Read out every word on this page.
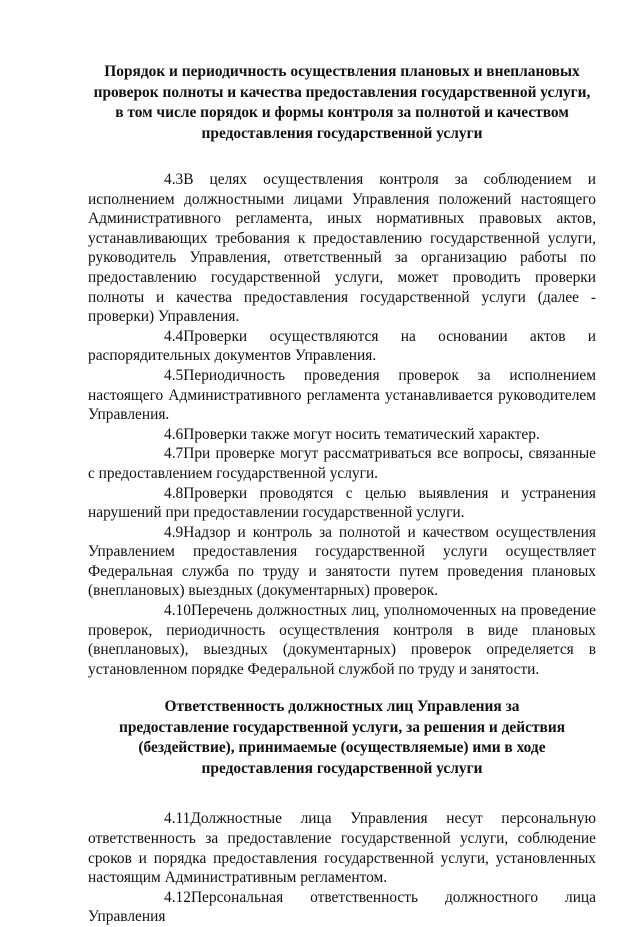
Порядок и периодичность осуществления плановых и внеплановых проверок полноты и качества предоставления государственной услуги, в том числе порядок и формы контроля за полнотой и качеством предоставления государственной услуги

4.3В целях осуществления контроля за соблюдением и исполнением должностными лицами Управления положений настоящего Административного регламента, иных нормативных правовых актов, устанавливающих требования к предоставлению государственной услуги, руководитель Управления, ответственный за организацию работы по предоставлению государственной услуги, может проводить проверки полноты и качества предоставления государственной услуги (далее - проверки) Управления.

4.4Проверки осуществляются на основании актов и распорядительных документов Управления.

4.5Периодичность проведения проверок за исполнением настоящего Административного регламента устанавливается руководителем Управления.

4.6Проверки также могут носить тематический характер.

4.7При проверке могут рассматриваться все вопросы, связанные с предоставлением государственной услуги.

4.8Проверки проводятся с целью выявления и устранения нарушений при предоставлении государственной услуги.

4.9Надзор и контроль за полнотой и качеством осуществления Управлением предоставления государственной услуги осуществляет Федеральная служба по труду и занятости путем проведения плановых (внеплановых) выездных (документарных) проверок.

4.10Перечень должностных лиц, уполномоченных на проведение проверок, периодичность осуществления контроля в виде плановых (внеплановых), выездных (документарных) проверок определяется в установленном порядке Федеральной службой по труду и занятости.

Ответственность должностных лиц Управления за предоставление государственной услуги, за решения и действия (бездействие), принимаемые (осуществляемые) ими в ходе предоставления государственной услуги

4.11Должностные лица Управления несут персональную ответственность за предоставление государственной услуги, соблюдение сроков и порядка предоставления государственной услуги, установленных настоящим Административным регламентом.

4.12Персональная ответственность должностного лица Управления
